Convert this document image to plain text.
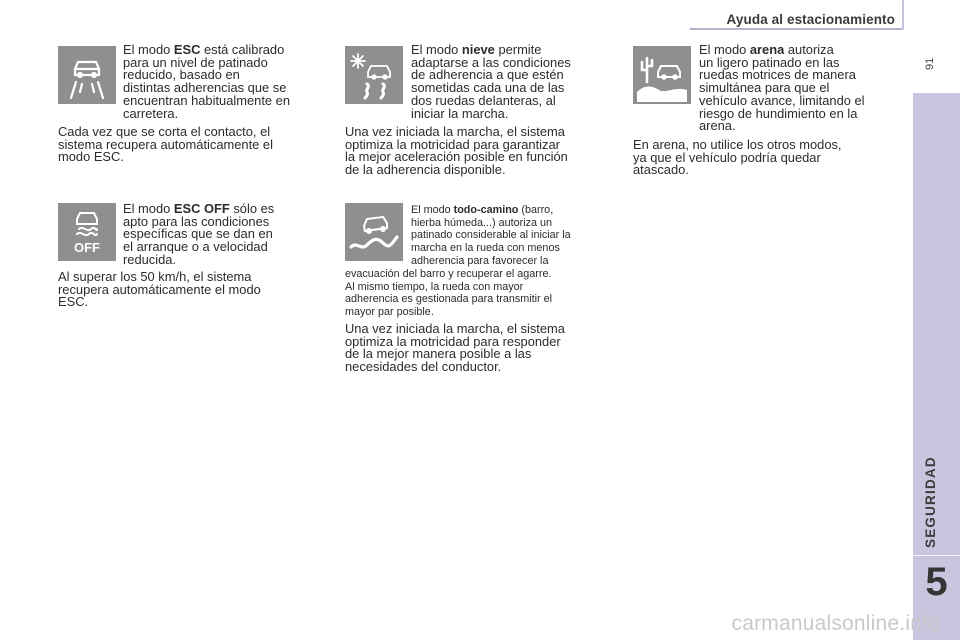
Ayuda al estacionamiento
91
SEGURIDAD
5

El modo ESC está calibrado

para un nivel de patinado

reducido, basado en

distintas adherencias que se

encuentran habitualmente en

carretera.

Cada vez que se corta el contacto, el

sistema recupera automáticamente el

modo ESC.

OFF

El modo ESC OFF sólo es

apto para las condiciones

específicas que se dan en

el arranque o a velocidad

reducida.

Al superar los 50 km/h, el sistema

recupera automáticamente el modo

ESC.

El modo nieve permite

adaptarse a las condiciones

de adherencia a que estén

sometidas cada una de las

dos ruedas delanteras, al

iniciar la marcha.

Una vez iniciada la marcha, el sistema

optimiza la motricidad para garantizar

la mejor aceleración posible en función

de la adherencia disponible.

El modo todo-camino (barro,

hierba húmeda...) autoriza un

patinado considerable al iniciar la

marcha en la rueda con menos

adherencia para favorecer la

evacuación del barro y recuperar el agarre.

Al mismo tiempo, la rueda con mayor

adherencia es gestionada para transmitir el

mayor par posible.

Una vez iniciada la marcha, el sistema

optimiza la motricidad para responder

de la mejor manera posible a las

necesidades del conductor.

El modo arena autoriza

un ligero patinado en las

ruedas motrices de manera

simultánea para que el

vehículo avance, limitando el

riesgo de hundimiento en la

arena.

En arena, no utilice los otros modos,

ya que el vehículo podría quedar

atascado.

carmanualsonline.info
